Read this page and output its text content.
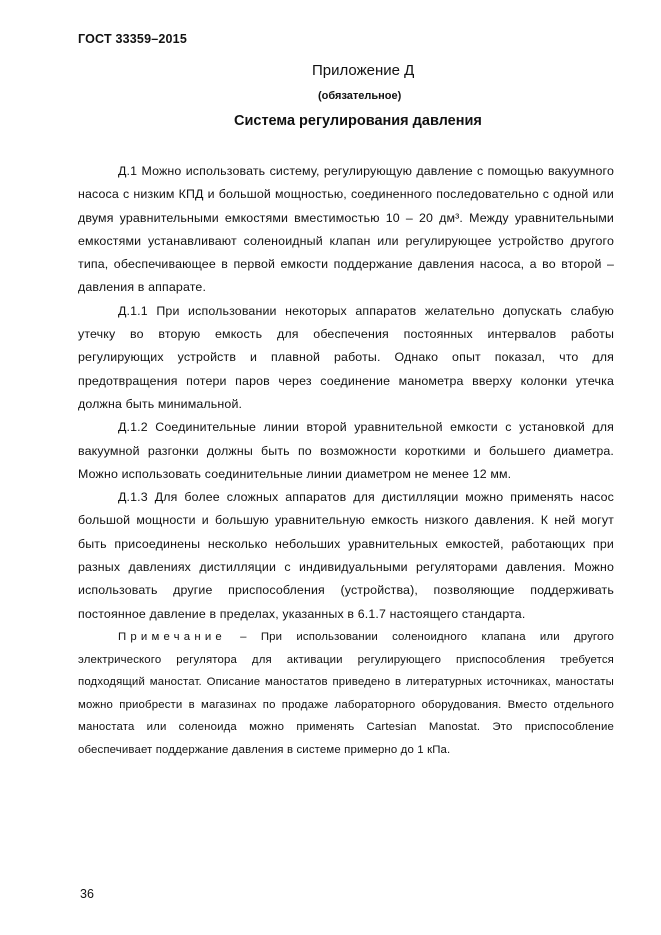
ГОСТ 33359–2015
Приложение Д
(обязательное)
Система регулирования давления

Д.1 Можно использовать систему, регулирующую давление с помощью вакуумного насоса с низким КПД и большой мощностью, соединенного последовательно с одной или двумя уравнительными емкостями вместимостью 10 – 20 дм³. Между уравнительными емкостями устанавливают соленоидный клапан или регулирующее устройство другого типа, обеспечивающее в первой емкости поддержание давления насоса, а во второй – давления в аппарате.

Д.1.1 При использовании некоторых аппаратов желательно допускать слабую утечку во вторую емкость для обеспечения постоянных интервалов работы регулирующих устройств и плавной работы. Однако опыт показал, что для предотвращения потери паров через соединение манометра вверху колонки утечка должна быть минимальной.

Д.1.2 Соединительные линии второй уравнительной емкости с установкой для вакуумной разгонки должны быть по возможности короткими и большего диаметра. Можно использовать соединительные линии диаметром не менее 12 мм.

Д.1.3 Для более сложных аппаратов для дистилляции можно применять насос большой мощности и большую уравнительную емкость низкого давления. К ней могут быть присоединены несколько небольших уравнительных емкостей, работающих при разных давлениях дистилляции с индивидуальными регуляторами давления. Можно использовать другие приспособления (устройства), позволяющие поддерживать постоянное давление в пределах, указанных в 6.1.7 настоящего стандарта.

Примечание – При использовании соленоидного клапана или другого электрического регулятора для активации регулирующего приспособления требуется подходящий маностат. Описание маностатов приведено в литературных источниках, маностаты можно приобрести в магазинах по продаже лабораторного оборудования. Вместо отдельного маностата или соленоида можно применять Cartesian Manostat. Это приспособление обеспечивает поддержание давления в системе примерно до 1 кПа.

36
